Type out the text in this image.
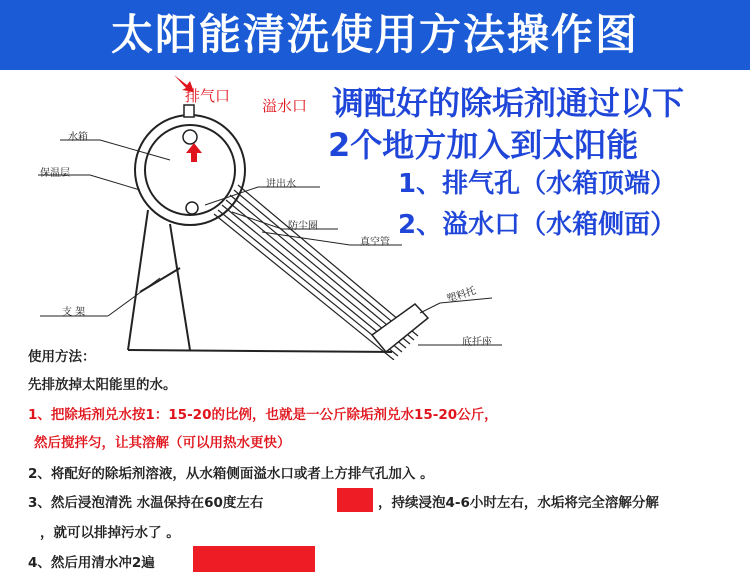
太阳能清洗使用方法操作图
排气口
溢水口
水箱
保温层
进出水
防尘圈
真空管
支 架
塑料托
底托座
调配好的除垢剂通过以下
2个地方加入到太阳能
1、排气孔（水箱顶端）
2、溢水口（水箱侧面）
使用方法：
先排放掉太阳能里的水。
1、把除垢剂兑水按1：15-20的比例，也就是一公斤除垢剂兑水15-20公斤，
然后搅拌匀，让其溶解（可以用热水更快）
2、将配好的除垢剂溶液，从水箱侧面溢水口或者上方排气孔加入 。
3、然后浸泡清洗 水温保持在60度左右	，持续浸泡4-6小时左右，水垢将完全溶解分解
，就可以排掉污水了 。
4、然后用清水冲2遍
